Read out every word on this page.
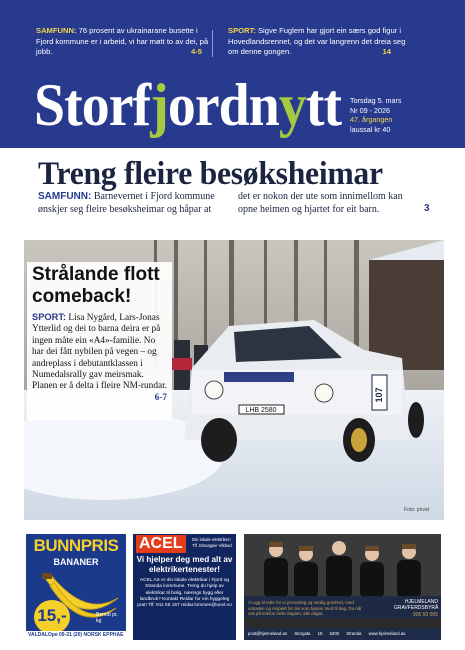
SAMFUNN: 76 prosent av ukrainarane busette i Fjord kommune er i arbeid, vi har møtt to av dei, på jobb.	4-5
SPORT: Sigve Fuglem har gjort ein særs god figur i Hovedlandsrennet, og det var langrenn det dreia seg om denne gongen.	14
Storfjordnytt Torsdag 5. mars
Nr 09 - 2026
47. årgangen
laussal kr 40
Treng fleire besøksheimar
SAMFUNN: Barnevernet i Fjord kommune ønskjer seg fleire besøksheimar og håpar at
det er nokon der ute som innimellom kan opne heimen og hjartet for eit barn.	3
LHB 2580
107
Strålande flott comeback!
SPORT: Lisa Nygård, Lars-Jonas Ytterlid og dei to barna deira er på ingen måte ein «A4»-familie. No har dei fått nybilen på vegen – og andreplass i debutantklassen i Numedalsrally gav meirsmak. Planen er å delta i fleire NM-rundar.
6-7
Foto: privat
BUNNPRIS
BANANER
15,-	Beredt pr. kg
VALDALOpe 09-21 (20) NORSK EPPHAE
ACEL	Din lokale elektriker! Tlf. Elsvagsie Vikbud
Vi hjelper deg med alt av elektrikertenester!
ACEL AS er din lokale elektrikar i Fjord og Stranda kommune. Treng du hjelp av elektrikar til bolig, nærings bygg eller landbruk? Kontakt Reidar for ein hyggeleg prat! Tlf: 911 56 157 reidar.lommen@acel.no
Vi ugg til rette for ei personleg og verdig gravferd, med omtanke og respekt for dei som høyrer med til deg. Du når oss på telefon heile døgnet, alle dagar.
HJELMELAND GRAVFERDSBYRÅ
905 50 005
post@hjelmeland.as Storgata 18 6200 Stranda www.hjelmeland.as
